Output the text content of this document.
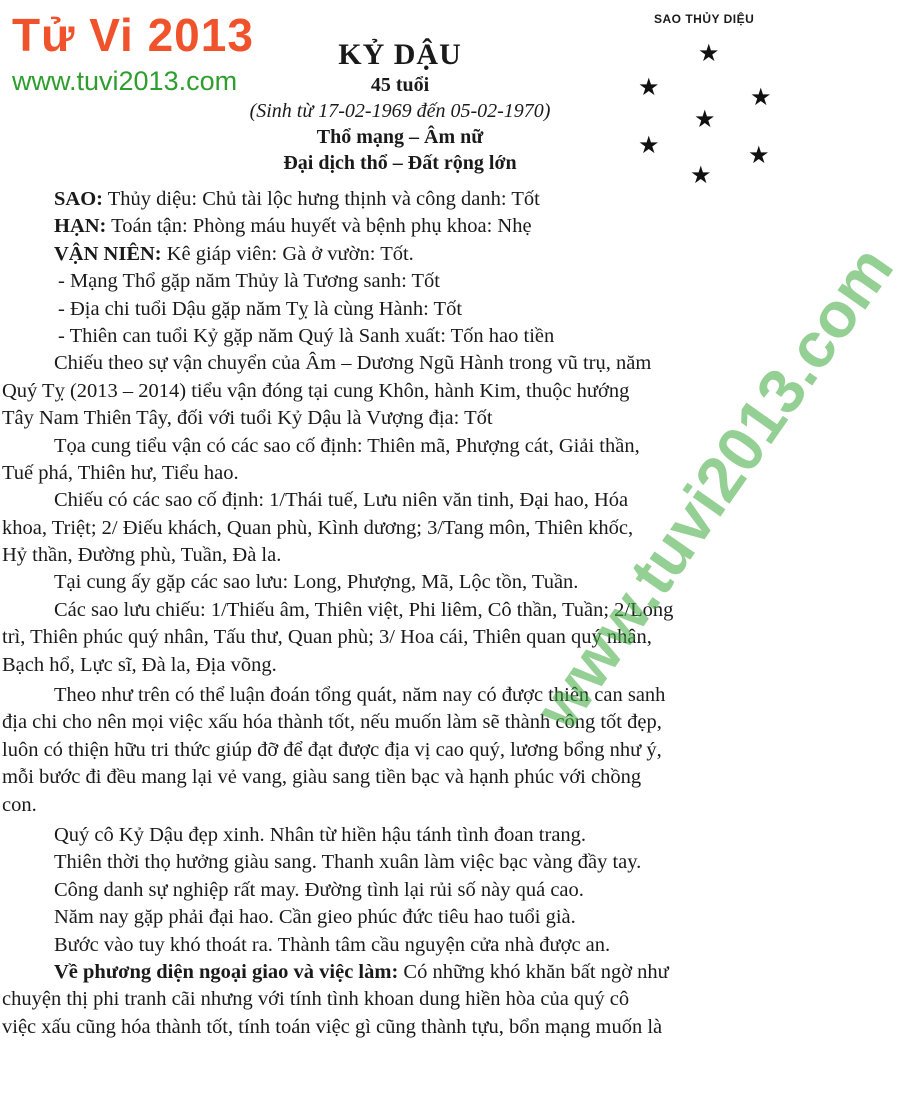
Tử Vi 2013
www.tuvi2013.com
KỶ DẬU
45 tuổi
(Sinh từ 17-02-1969 đến 05-02-1970)
Thổ mạng – Âm nữ
Đại dịch thổ – Đất rộng lớn
SAO THỦY DIỆU
★
★	★
★
★	★
★
SAO: Thủy diệu: Chủ tài lộc hưng thịnh và công danh: Tốt
HẠN: Toán tận: Phòng máu huyết và bệnh phụ khoa: Nhẹ
VẬN NIÊN: Kê giáp viên: Gà ở vườn: Tốt.
- Mạng Thổ gặp năm Thủy là Tương sanh: Tốt
- Địa chi tuổi Dậu gặp năm Tỵ là cùng Hành: Tốt
- Thiên can tuổi Kỷ gặp năm Quý là Sanh xuất: Tốn hao tiền
Chiếu theo sự vận chuyển của Âm – Dương Ngũ Hành trong vũ trụ, năm
Quý Tỵ (2013 – 2014) tiểu vận đóng tại cung Khôn, hành Kim, thuộc hướng
Tây Nam Thiên Tây, đối với tuổi Kỷ Dậu là Vượng địa: Tốt
Tọa cung tiểu vận có các sao cố định: Thiên mã, Phượng cát, Giải thần,
Tuế phá, Thiên hư, Tiểu hao.
Chiếu có các sao cố định: 1/Thái tuế, Lưu niên văn tinh, Đại hao, Hóa
khoa, Triệt; 2/ Điếu khách, Quan phù, Kình dương; 3/Tang môn, Thiên khốc,
Hỷ thần, Đường phù, Tuần, Đà la.
Tại cung ấy gặp các sao lưu: Long, Phượng, Mã, Lộc tồn, Tuần.
Các sao lưu chiếu: 1/Thiếu âm, Thiên việt, Phi liêm, Cô thần, Tuần; 2/Long
trì, Thiên phúc quý nhân, Tấu thư, Quan phù; 3/ Hoa cái, Thiên quan quý nhân,
Bạch hổ, Lực sĩ, Đà la, Địa võng.
Theo như trên có thể luận đoán tổng quát, năm nay có được thiên can sanh
địa chi cho nên mọi việc xấu hóa thành tốt, nếu muốn làm sẽ thành công tốt đẹp,
luôn có thiện hữu tri thức giúp đỡ để đạt được địa vị cao quý, lương bổng như ý,
mỗi bước đi đều mang lại vẻ vang, giàu sang tiền bạc và hạnh phúc với chồng
con.
Quý cô Kỷ Dậu đẹp xinh. Nhân từ hiền hậu tánh tình đoan trang.
Thiên thời thọ hưởng giàu sang. Thanh xuân làm việc bạc vàng đầy tay.
Công danh sự nghiệp rất may. Đường tình lại rủi số này quá cao.
Năm nay gặp phải đại hao. Cần gieo phúc đức tiêu hao tuổi già.
Bước vào tuy khó thoát ra. Thành tâm cầu nguyện cửa nhà được an.
Về phương diện ngoại giao và việc làm: Có những khó khăn bất ngờ như
chuyện thị phi tranh cãi nhưng với tính tình khoan dung hiền hòa của quý cô
việc xấu cũng hóa thành tốt, tính toán việc gì cũng thành tựu, bổn mạng muốn là
www.tuvi2013.com
